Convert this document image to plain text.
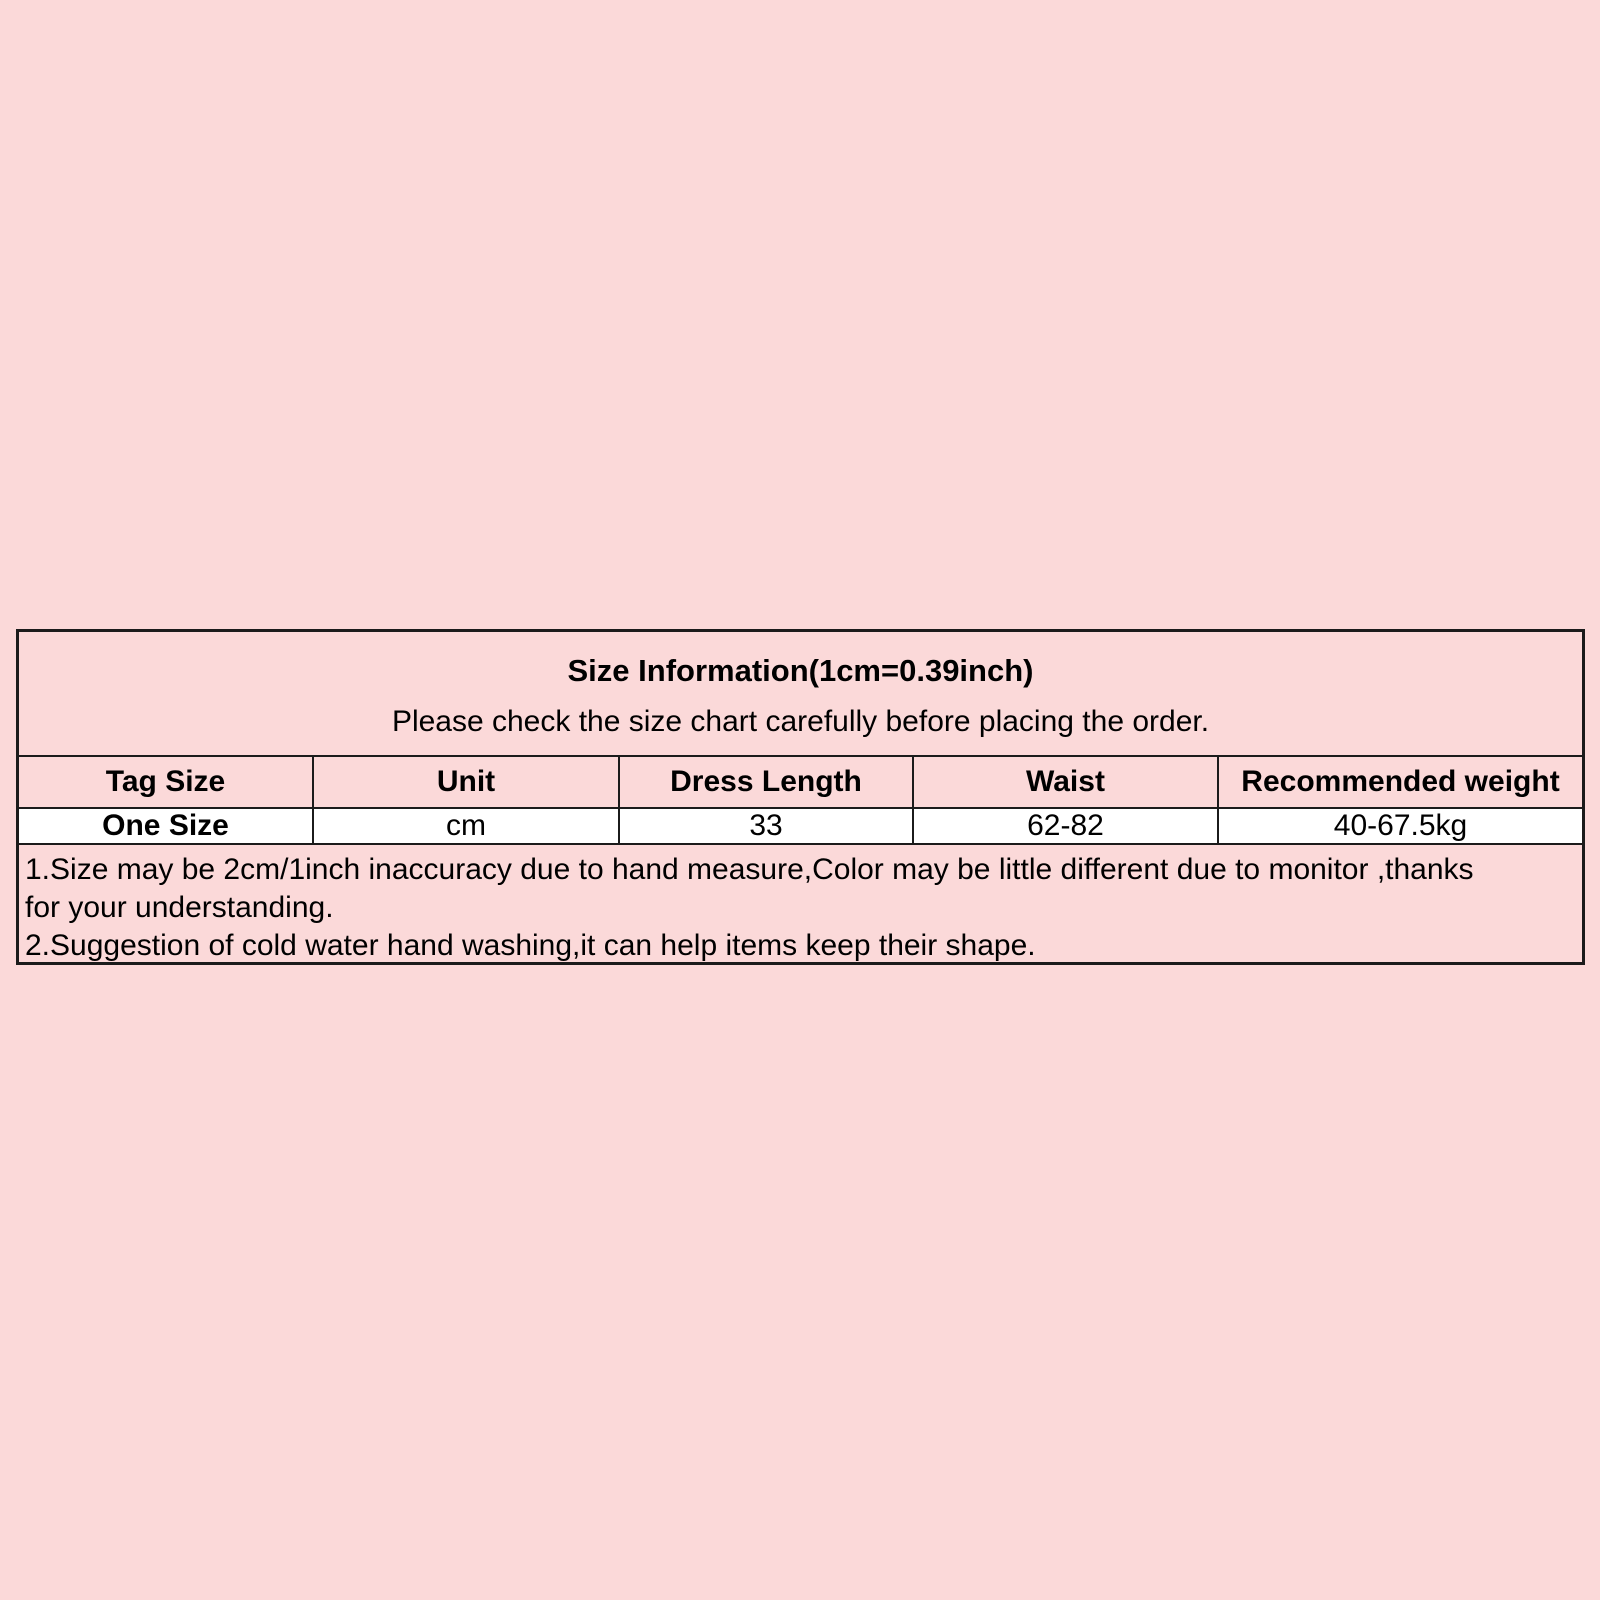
Size Information(1cm=0.39inch)
Please check the size chart carefully before placing the order.
Tag Size	Unit	Dress Length	Waist	Recommended weight
One Size	cm	33	62-82	40-67.5kg
1.Size may be 2cm/1inch inaccuracy due to hand measure,Color may be little different due to monitor ,thanks
for your understanding.
2.Suggestion of cold water hand washing,it can help items keep their shape.
